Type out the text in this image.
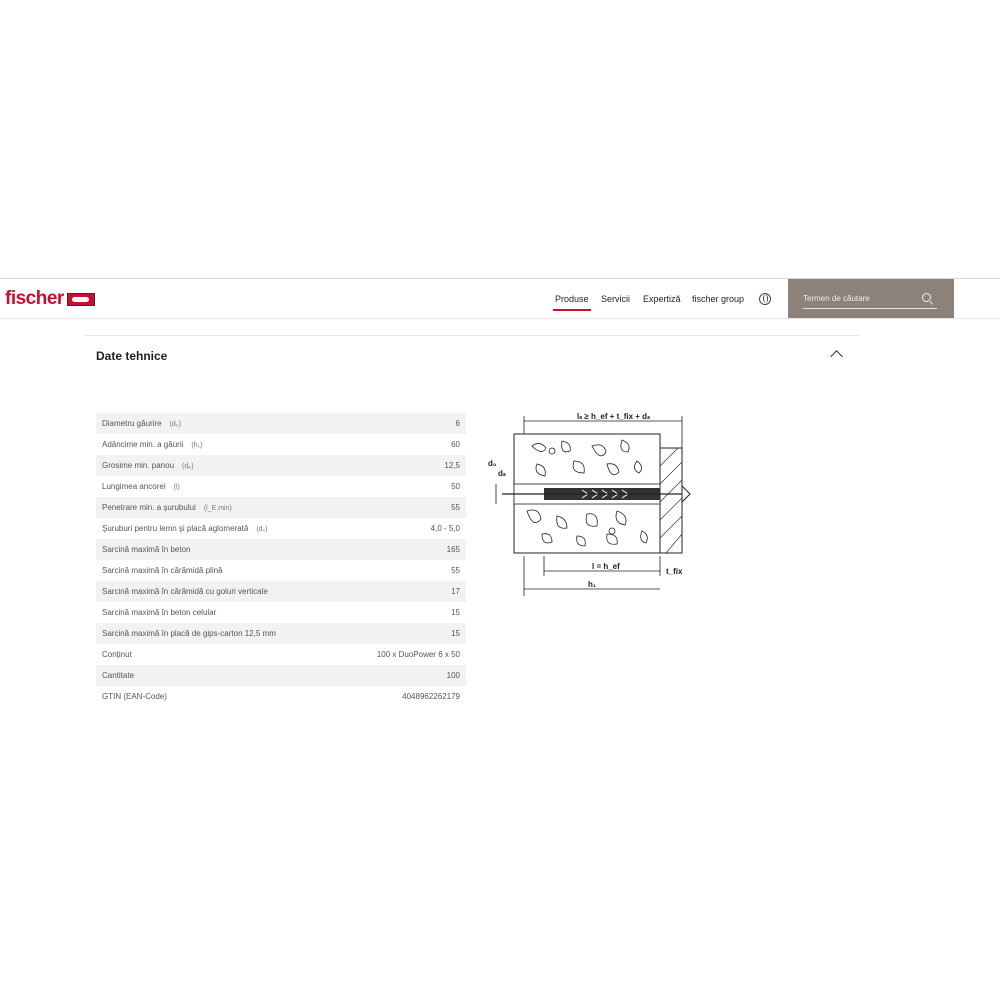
fischer	Produse Servicii Expertiză fischer group
Termen de căutare
Date tehnice
Diametru găurire (d₀)	6
Adâncime min. a găurii (h₁)	60
Grosime min. panou (dₚ)	12,5
Lungimea ancorei (l)	50
Penetrare min. a șurubului (l_E,min)	55
Şuruburi pentru lemn şi placă aglomerată (dₛ)	4,0 - 5,0
Sarcină maximă în beton	165
Sarcină maximă în cărămidă plină	55
Sarcină maximă în cărămidă cu goluri verticale	17
Sarcină maximă în beton celular	15
Sarcină maximă în placă de gips-carton 12,5 mm	15
Conținut	100 x DuoPower 6 x 50
Cantitate	100
GTIN (EAN-Code)	4048962262179
lₛ ≥ h_ef + t_fix + dₛ
d₀
dₛ
l = h_ef
t_fix
h₁
